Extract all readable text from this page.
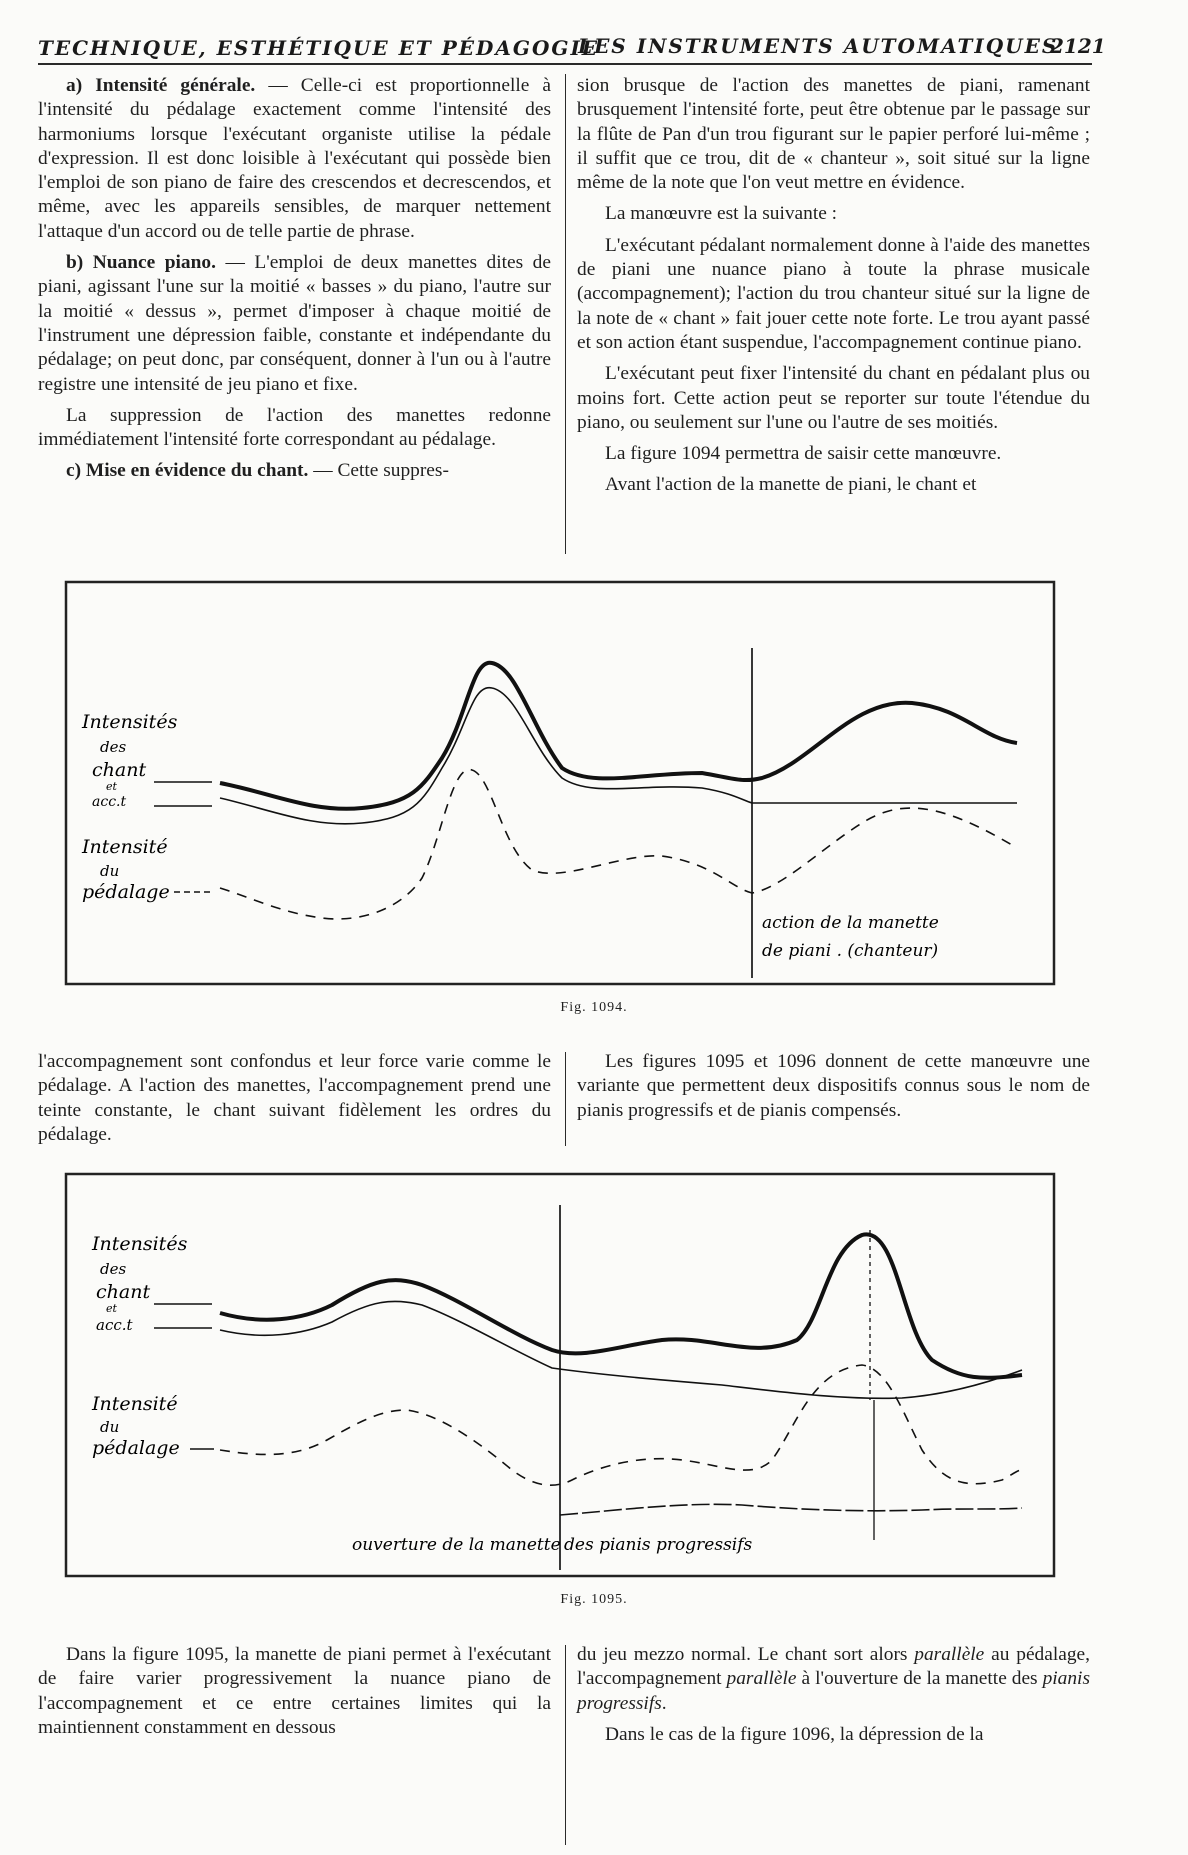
TECHNIQUE, ESTHÉTIQUE ET PÉDAGOGIE
LES INSTRUMENTS AUTOMATIQUES
2121

a) Intensité générale. — Celle-ci est proportionnelle à l'intensité du pédalage exactement comme l'intensité des harmoniums lorsque l'exécutant organiste utilise la pédale d'expression. Il est donc loisible à l'exécutant qui possède bien l'emploi de son piano de faire des crescendos et decrescendos, et même, avec les appareils sensibles, de marquer nettement l'attaque d'un accord ou de telle partie de phrase.

b) Nuance piano. — L'emploi de deux manettes dites de piani, agissant l'une sur la moitié « basses » du piano, l'autre sur la moitié « dessus », permet d'imposer à chaque moitié de l'instrument une dépression faible, constante et indépendante du pédalage; on peut donc, par conséquent, donner à l'un ou à l'autre registre une intensité de jeu piano et fixe.

La suppression de l'action des manettes redonne immédiatement l'intensité forte correspondant au pédalage.

c) Mise en évidence du chant. — Cette suppres-

sion brusque de l'action des manettes de piani, ramenant brusquement l'intensité forte, peut être obtenue par le passage sur la flûte de Pan d'un trou figurant sur le papier perforé lui-même ; il suffit que ce trou, dit de « chanteur », soit situé sur la ligne même de la note que l'on veut mettre en évidence.

La manœuvre est la suivante :

L'exécutant pédalant normalement donne à l'aide des manettes de piani une nuance piano à toute la phrase musicale (accompagnement); l'action du trou chanteur situé sur la ligne de la note de « chant » fait jouer cette note forte. Le trou ayant passé et son action étant suspendue, l'accompagnement continue piano.

L'exécutant peut fixer l'intensité du chant en pédalant plus ou moins fort. Cette action peut se reporter sur toute l'étendue du piano, ou seulement sur l'une ou l'autre de ses moitiés.

La figure 1094 permettra de saisir cette manœuvre.

Avant l'action de la manette de piani, le chant et

Intensités
des
chant
et
acc.t
Intensité
du
pédalage
action de la manette
de piani . (chanteur)
Fig. 1094.

l'accompagnement sont confondus et leur force varie comme le pédalage. A l'action des manettes, l'accompagnement prend une teinte constante, le chant suivant fidèlement les ordres du pédalage.

Les figures 1095 et 1096 donnent de cette manœuvre une variante que permettent deux dispositifs connus sous le nom de pianis progressifs et de pianis compensés.

Intensités
des
chant
et
acc.t
Intensité
du
pédalage
ouverture de la manette des pianis progressifs
Fig. 1095.

Dans la figure 1095, la manette de piani permet à l'exécutant de faire varier progressivement la nuance piano de l'accompagnement et ce entre certaines limites qui la maintiennent constamment en dessous

du jeu mezzo normal. Le chant sort alors parallèle au pédalage, l'accompagnement parallèle à l'ouverture de la manette des pianis progressifs.

Dans le cas de la figure 1096, la dépression de la
